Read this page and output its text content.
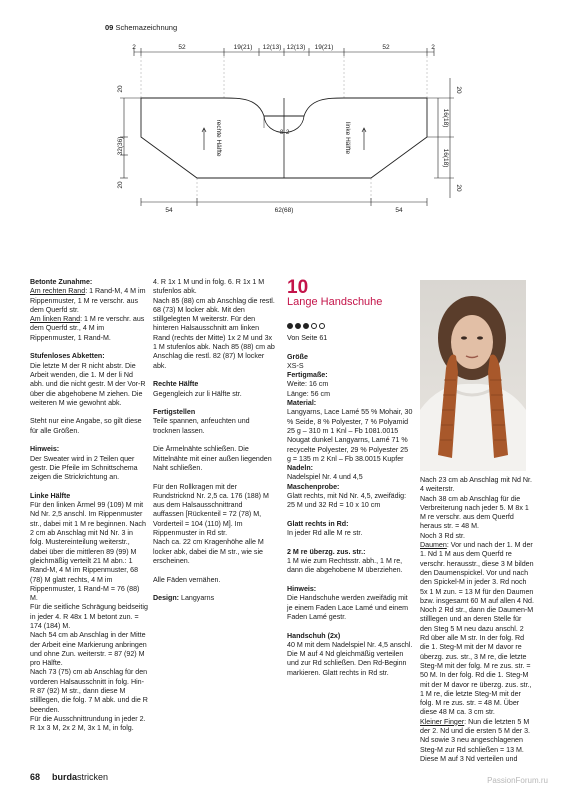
09 Schemazeichnung
2	52	19(21) 12(13) 12(13) 19(21)	52	2
8 2
rechte Hälfte	linke Hälfte
20
32(36)
20
20
20
16(18)
16(18)
54	62(68)	54

Betonte Zunahme:

Am rechten Rand: 1 Rand-M, 4 M im Rippenmuster, 1 M re verschr. aus dem Querfd str.

Am linken Rand: 1 M re verschr. aus dem Querfd str., 4 M im Rippenmuster, 1 Rand-M.

Stufenloses Abketten:

Die letzte M der R nicht abstr. Die Arbeit wenden, die 1. M der li Nd abh. und die nicht gestr. M der Vor-R über die abgehobene M ziehen. Die weiteren M wie gewohnt abk.

Steht nur eine Angabe, so gilt diese für alle Größen.

Hinweis:

Der Sweater wird in 2 Teilen quer gestr. Die Pfeile im Schnittschema zeigen die Strickrichtung an.

Linke Hälfte

Für den linken Ärmel 99 (109) M mit Nd Nr. 2,5 anschl. Im Rippenmuster str., dabei mit 1 M re beginnen. Nach 2 cm ab Anschlag mit Nd Nr. 3 in folg. Mustereinteilung weiterstr., dabei über die mittleren 89 (99) M gleichmäßig verteilt 21 M abn.: 1 Rand-M, 4 M im Rippenmuster, 68 (78) M glatt rechts, 4 M im Rippenmuster, 1 Rand-M = 76 (88) M.

Für die seitliche Schrägung beidseitig in jeder 4. R 48x 1 M betont zun. = 174 (184) M.

Nach 54 cm ab Anschlag in der Mitte der Arbeit eine Markierung anbringen und ohne Zun. weiterstr. = 87 (92) M pro Hälfte.

Nach 73 (75) cm ab Anschlag für den vorderen Halsausschnitt in folg. Hin-R 87 (92) M str., dann diese M stilllegen, die folg. 7 M abk. und die R beenden.

Für die Ausschnittrundung in jeder 2. R 1x 3 M, 2x 2 M, 3x 1 M, in folg.

4. R 1x 1 M und in folg. 6. R 1x 1 M stufenlos abk.

Nach 85 (88) cm ab Anschlag die restl. 68 (73) M locker abk. Mit den stillgelegten M weiterstr. Für den hinteren Halsausschnitt am linken Rand (rechts der Mitte) 1x 2 M und 3x 1 M stufenlos abk. Nach 85 (88) cm ab Anschlag die restl. 82 (87) M locker abk.

Rechte Hälfte

Gegengleich zur li Hälfte str.

Fertigstellen

Teile spannen, anfeuchten und trocknen lassen.

Die Ärmelnähte schließen. Die Mittelnähte mit einer außen liegenden Naht schließen.

Für den Rollkragen mit der Rundstricknd Nr. 2,5 ca. 176 (188) M aus dem Halsausschnittrand auffassen [Rückenteil = 72 (78) M, Vorderteil = 104 (110) M]. Im Rippenmuster in Rd str.

Nach ca. 22 cm Kragenhöhe alle M locker abk, dabei die M str., wie sie erscheinen.

Alle Fäden vernähen.

Design: Langyarns

10
Lange Handschuhe

Von Seite 61

Größe

XS-S

Fertigmaße:

Weite: 16 cm

Länge: 56 cm

Material:

Langyarns, Lace Lamé 55 % Mohair, 30 % Seide, 8 % Polyester, 7 % Polyamid 25 g – 310 m 1 Knl – Fb 1081.0015 Nougat dunkel Langyarns, Lamé 71 % recycelte Polyester, 29 % Polyester 25 g = 135 m 2 Knl – Fb 38.0015 Kupfer

Nadeln:

Nadelspiel Nr. 4 und 4,5

Maschenprobe:

Glatt rechts, mit Nd Nr. 4,5, zweifädig: 25 M und 32 Rd = 10 x 10 cm

Glatt rechts in Rd:

In jeder Rd alle M re str.

2 M re überzg. zus. str.:

1 M wie zum Rechtsstr. abh., 1 M re, dann die abgehobene M überziehen.

Hinweis:

Die Handschuhe werden zweifädig mit je einem Faden Lace Lamé und einem Faden Lamé gestr.

Handschuh (2x)

40 M mit dem Nadelspiel Nr. 4,5 anschl. Die M auf 4 Nd gleichmäßig verteilen und zur Rd schließen. Den Rd-Beginn markieren. Glatt rechts in Rd str.

Nach 23 cm ab Anschlag mit Nd Nr. 4 weiterstr.

Nach 38 cm ab Anschlag für die Verbreiterung nach jeder 5. M 8x 1 M re verschr. aus dem Querfd heraus str. = 48 M.

Noch 3 Rd str.

Daumen: Vor und nach der 1. M der 1. Nd 1 M aus dem Querfd re verschr. herausstr., diese 3 M bilden den Daumenspickel. Vor und nach den Spickel-M in jeder 3. Rd noch 5x 1 M zun. = 13 M für den Daumen bzw. insgesamt 60 M auf allen 4 Nd. Noch 2 Rd str., dann die Daumen-M stilllegen und an deren Stelle für den Steg 5 M neu dazu anschl. 2 Rd über alle M str. In der folg. Rd die 1. Steg-M mit der M davor re überzg. zus. str., 3 M re, die letzte Steg-M mit der folg. M re zus. str. = 50 M. In der folg. Rd die 1. Steg-M mit der M davor re überzg. zus. str., 1 M re, die letzte Steg-M mit der folg. M re zus. str. = 48 M. Über diese 48 M ca. 3 cm str.

Kleiner Finger: Nun die letzten 5 M der 2. Nd und die ersten 5 M der 3. Nd sowie 3 neu angeschlagenen Steg-M zur Rd schließen = 13 M. Diese M auf 3 Nd verteilen und

68 burdastricken	PassionForum.ru
